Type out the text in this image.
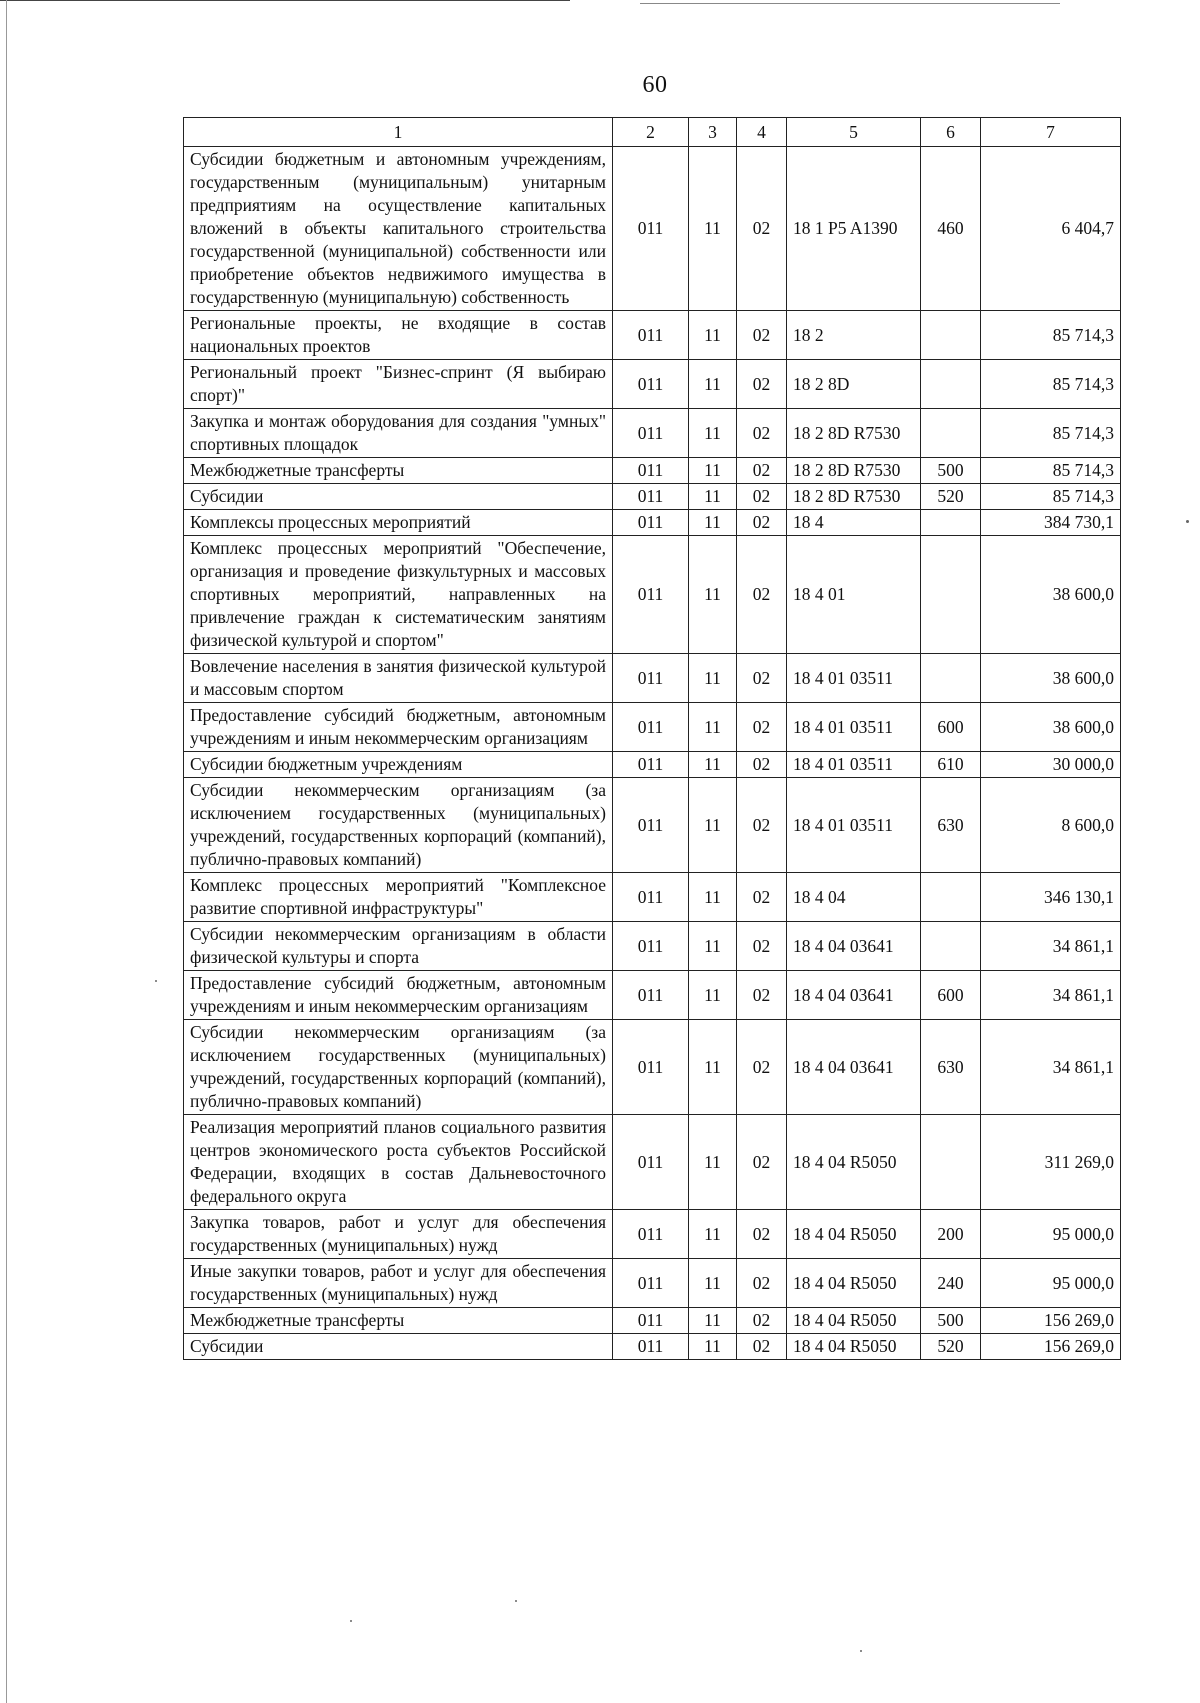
60
1	2	3	4	5	6	7
Субсидии бюджетным и автономным учреждениям, государственным (муниципальным) унитарным предприятиям на осуществление капитальных вложений в объекты капитального строительства государственной (муниципальной) собственности или приобретение объектов недвижимого имущества в государственную (муниципальную) собственность	011	11	02	18 1 P5 A1390	460	6 404,7
Региональные проекты, не входящие в состав национальных проектов	011	11	02	18 2		85 714,3
Региональный проект "Бизнес-спринт (Я выбираю спорт)"	011	11	02	18 2 8D		85 714,3
Закупка и монтаж оборудования для создания "умных" спортивных площадок	011	11	02	18 2 8D R7530		85 714,3
Межбюджетные трансферты	011	11	02	18 2 8D R7530	500	85 714,3
Субсидии	011	11	02	18 2 8D R7530	520	85 714,3
Комплексы процессных мероприятий	011	11	02	18 4		384 730,1
Комплекс процессных мероприятий "Обеспечение, организация и проведение физкультурных и массовых спортивных мероприятий, направленных на привлечение граждан к систематическим занятиям физической культурой и спортом"	011	11	02	18 4 01		38 600,0
Вовлечение населения в занятия физической культурой и массовым спортом	011	11	02	18 4 01 03511		38 600,0
Предоставление субсидий бюджетным, автономным учреждениям и иным некоммерческим организациям	011	11	02	18 4 01 03511	600	38 600,0
Субсидии бюджетным учреждениям	011	11	02	18 4 01 03511	610	30 000,0
Субсидии некоммерческим организациям (за исключением государственных (муниципальных) учреждений, государственных корпораций (компаний), публично-правовых компаний)	011	11	02	18 4 01 03511	630	8 600,0
Комплекс процессных мероприятий "Комплексное развитие спортивной инфраструктуры"	011	11	02	18 4 04		346 130,1
Субсидии некоммерческим организациям в области физической культуры и спорта	011	11	02	18 4 04 03641		34 861,1
Предоставление субсидий бюджетным, автономным учреждениям и иным некоммерческим организациям	011	11	02	18 4 04 03641	600	34 861,1
Субсидии некоммерческим организациям (за исключением государственных (муниципальных) учреждений, государственных корпораций (компаний), публично-правовых компаний)	011	11	02	18 4 04 03641	630	34 861,1
Реализация мероприятий планов социального развития центров экономического роста субъектов Российской Федерации, входящих в состав Дальневосточного федерального округа	011	11	02	18 4 04 R5050		311 269,0
Закупка товаров, работ и услуг для обеспечения государственных (муниципальных) нужд	011	11	02	18 4 04 R5050	200	95 000,0
Иные закупки товаров, работ и услуг для обеспечения государственных (муниципальных) нужд	011	11	02	18 4 04 R5050	240	95 000,0
Межбюджетные трансферты	011	11	02	18 4 04 R5050	500	156 269,0
Субсидии	011	11	02	18 4 04 R5050	520	156 269,0
